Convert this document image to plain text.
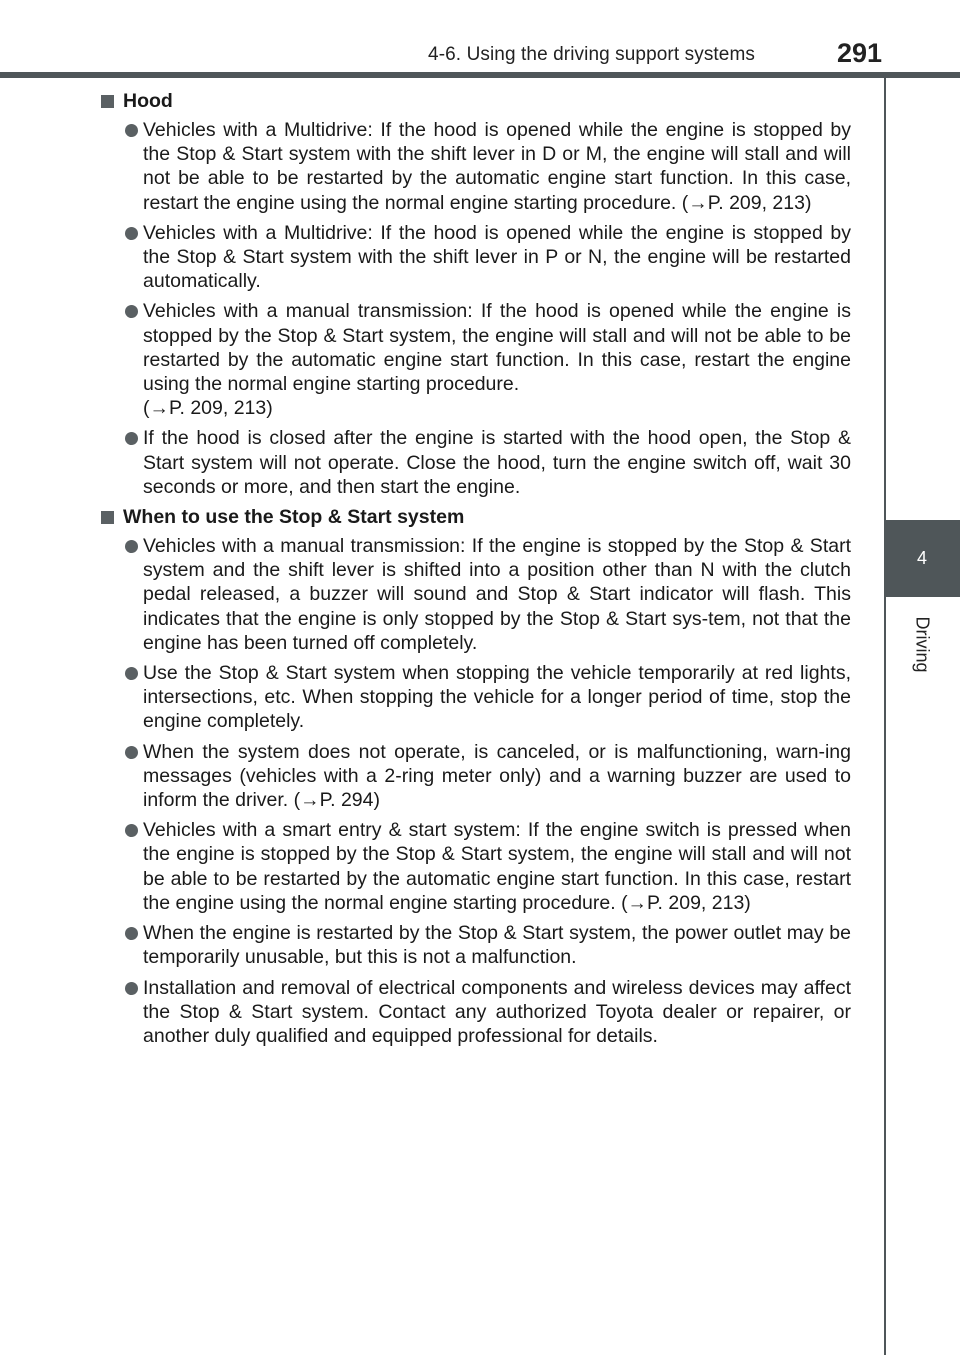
4-6. Using the driving support systems	291
4
Driving
Hood

Vehicles with a Multidrive: If the hood is opened while the engine is stopped by the Stop & Start system with the shift lever in D or M, the engine will stall and will not be able to be restarted by the automatic engine start function. In this case, restart the engine using the normal engine starting procedure. (→P. 209, 213)

Vehicles with a Multidrive: If the hood is opened while the engine is stopped by the Stop & Start system with the shift lever in P or N, the engine will be restarted automatically.

Vehicles with a manual transmission: If the hood is opened while the engine is stopped by the Stop & Start system, the engine will stall and will not be able to be restarted by the automatic engine start function. In this case, restart the engine using the normal engine starting procedure.
(→P. 209, 213)

If the hood is closed after the engine is started with the hood open, the Stop & Start system will not operate. Close the hood, turn the engine switch off, wait 30 seconds or more, and then start the engine.

When to use the Stop & Start system

Vehicles with a manual transmission: If the engine is stopped by the Stop & Start system and the shift lever is shifted into a position other than N with the clutch pedal released, a buzzer will sound and Stop & Start indicator will flash. This indicates that the engine is only stopped by the Stop & Start sys-tem, not that the engine has been turned off completely.

Use the Stop & Start system when stopping the vehicle temporarily at red lights, intersections, etc. When stopping the vehicle for a longer period of time, stop the engine completely.

When the system does not operate, is canceled, or is malfunctioning, warn-ing messages (vehicles with a 2-ring meter only) and a warning buzzer are used to inform the driver. (→P. 294)

Vehicles with a smart entry & start system: If the engine switch is pressed when the engine is stopped by the Stop & Start system, the engine will stall and will not be able to be restarted by the automatic engine start function. In this case, restart the engine using the normal engine starting procedure. (→P. 209, 213)

When the engine is restarted by the Stop & Start system, the power outlet may be temporarily unusable, but this is not a malfunction.

Installation and removal of electrical components and wireless devices may affect the Stop & Start system. Contact any authorized Toyota dealer or repairer, or another duly qualified and equipped professional for details.
